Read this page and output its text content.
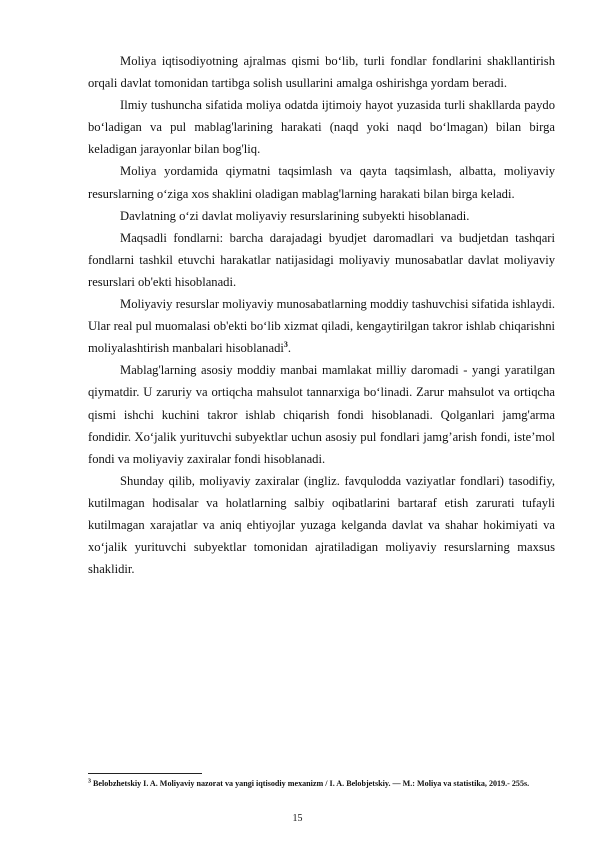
Moliya iqtisodiyotning ajralmas qismi bo‘lib, turli fondlar fondlarini shakllantirish orqali davlat tomonidan tartibga solish usullarini amalga oshirishga yordam beradi.

Ilmiy tushuncha sifatida moliya odatda ijtimoiy hayot yuzasida turli shakllarda paydo bo‘ladigan va pul mablag'larining harakati (naqd yoki naqd bo‘lmagan) bilan birga keladigan jarayonlar bilan bog'liq.

Moliya yordamida qiymatni taqsimlash va qayta taqsimlash, albatta, moliyaviy resurslarning o‘ziga xos shaklini oladigan mablag'larning harakati bilan birga keladi.

Davlatning o‘zi davlat moliyaviy resurslarining subyekti hisoblanadi.

Maqsadli fondlarni: barcha darajadagi byudjet daromadlari va budjetdan tashqari fondlarni tashkil etuvchi harakatlar natijasidagi moliyaviy munosabatlar davlat moliyaviy resurslari ob'ekti hisoblanadi.

Moliyaviy resurslar moliyaviy munosabatlarning moddiy tashuvchisi sifatida ishlaydi. Ular real pul muomalasi ob'ekti bo‘lib xizmat qiladi, kengaytirilgan takror ishlab chiqarishni moliyalashtirish manbalari hisoblanadi$^3$.

Mablag'larning asosiy moddiy manbai mamlakat milliy daromadi - yangi yaratilgan qiymatdir. U zaruriy va ortiqcha mahsulot tannarxiga bo‘linadi. Zarur mahsulot va ortiqcha qismi ishchi kuchini takror ishlab chiqarish fondi hisoblanadi. Qolganlari jamg'arma fondidir. Xo‘jalik yurituvchi subyektlar uchun asosiy pul fondlari jamg’arish fondi, iste’mol fondi va moliyaviy zaxiralar fondi hisoblanadi.

Shunday qilib, moliyaviy zaxiralar (ingliz. favqulodda vaziyatlar fondlari) tasodifiy, kutilmagan hodisalar va holatlarning salbiy oqibatlarini bartaraf etish zarurati tufayli kutilmagan xarajatlar va aniq ehtiyojlar yuzaga kelganda davlat va shahar hokimiyati va xo‘jalik yurituvchi subyektlar tomonidan ajratiladigan moliyaviy resurslarning maxsus shaklidir.

$^3$ Belobzhetskiy I. A. Moliyaviy nazorat va yangi iqtisodiy mexanizm / I. A. Belobjetskiy. — M.: Moliya va statistika, 2019.- 255s.

15
